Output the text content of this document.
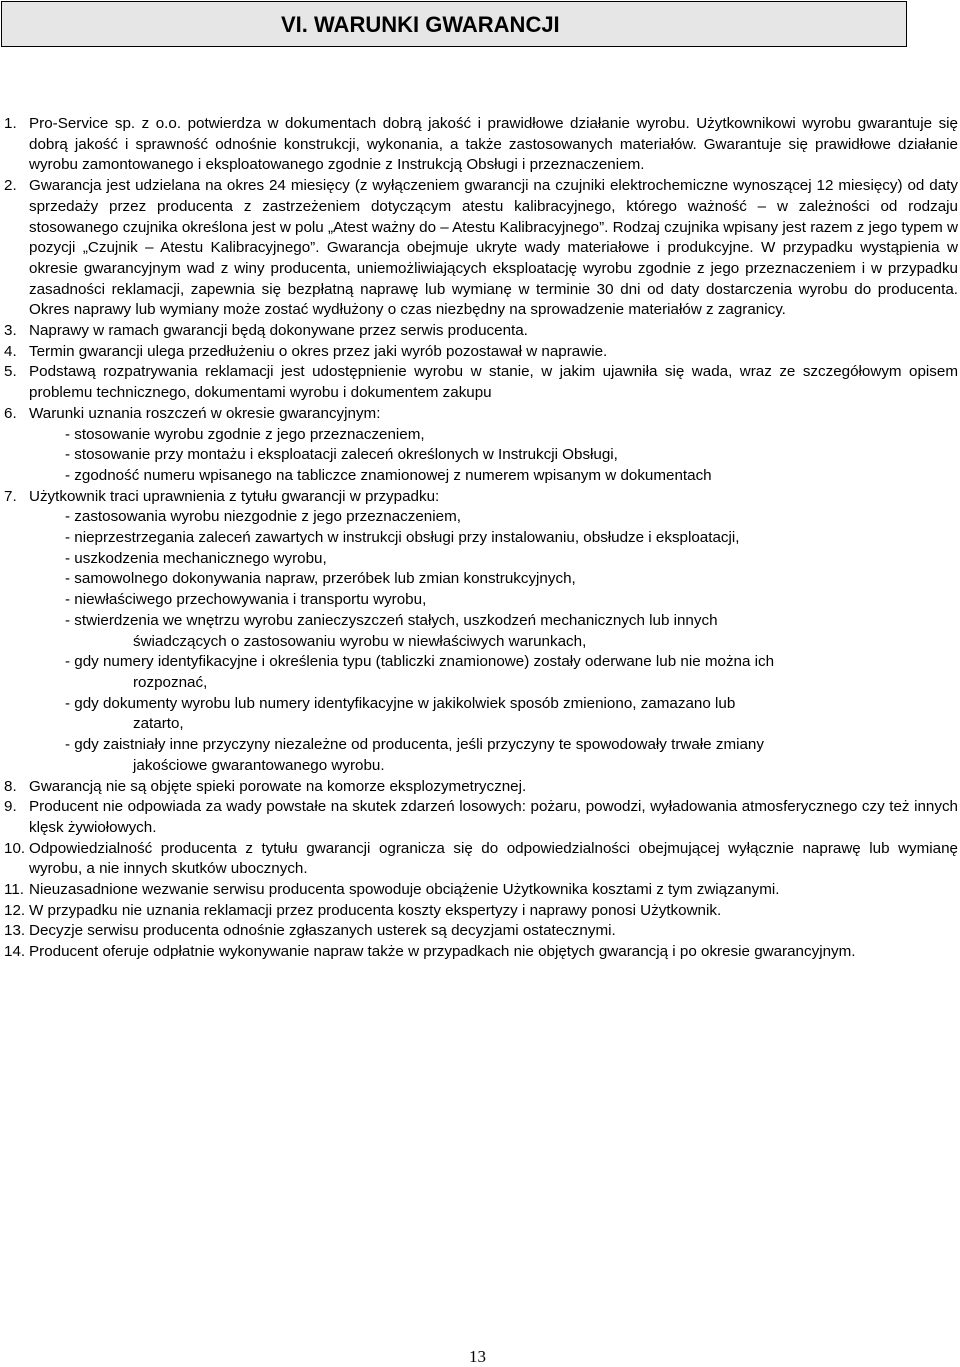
VI. WARUNKI GWARANCJI
1. Pro-Service sp. z o.o. potwierdza w dokumentach dobrą jakość i prawidłowe działanie wyrobu. Użytkownikowi wyrobu gwarantuje się dobrą jakość i sprawność odnośnie konstrukcji, wykonania, a także zastosowanych materiałów. Gwarantuje się prawidłowe działanie wyrobu zamontowanego i eksploatowanego zgodnie z Instrukcją Obsługi i przeznaczeniem.
2. Gwarancja jest udzielana na okres 24 miesięcy (z wyłączeniem gwarancji na czujniki elektrochemiczne wynoszącej 12 miesięcy) od daty sprzedaży przez producenta z zastrzeżeniem dotyczącym atestu kalibracyjnego, którego ważność – w zależności od rodzaju stosowanego czujnika określona jest w polu „Atest ważny do – Atestu Kalibracyjnego”. Rodzaj czujnika wpisany jest razem z jego typem w pozycji „Czujnik – Atestu Kalibracyjnego”. Gwarancja obejmuje ukryte wady materiałowe i produkcyjne. W przypadku wystąpienia w okresie gwarancyjnym wad z winy producenta, uniemożliwiających eksploatację wyrobu zgodnie z jego przeznaczeniem i w przypadku zasadności reklamacji, zapewnia się bezpłatną naprawę lub wymianę w terminie 30 dni od daty dostarczenia wyrobu do producenta. Okres naprawy lub wymiany może zostać wydłużony o czas niezbędny na sprowadzenie materiałów z zagranicy.
3. Naprawy w ramach gwarancji będą dokonywane przez serwis producenta.
4. Termin gwarancji ulega przedłużeniu o okres przez jaki wyrób pozostawał w naprawie.
5. Podstawą rozpatrywania reklamacji jest udostępnienie wyrobu w stanie, w jakim ujawniła się wada, wraz ze szczegółowym opisem problemu technicznego, dokumentami wyrobu i dokumentem zakupu
6. Warunki uznania roszczeń w okresie gwarancyjnym:
- stosowanie wyrobu zgodnie z jego przeznaczeniem,
- stosowanie przy montażu i eksploatacji zaleceń określonych w Instrukcji Obsługi,
- zgodność numeru wpisanego na tabliczce znamionowej z numerem wpisanym w dokumentach
7. Użytkownik traci uprawnienia z tytułu gwarancji w przypadku:
- zastosowania wyrobu niezgodnie z jego przeznaczeniem,
- nieprzestrzegania zaleceń zawartych w instrukcji obsługi przy instalowaniu, obsłudze i eksploatacji,
- uszkodzenia mechanicznego wyrobu,
- samowolnego dokonywania napraw, przeróbek lub zmian konstrukcyjnych,
- niewłaściwego przechowywania i transportu wyrobu,
- stwierdzenia we wnętrzu wyrobu zanieczyszczeń stałych, uszkodzeń mechanicznych lub innych
świadczących o zastosowaniu wyrobu w niewłaściwych warunkach,
- gdy numery identyfikacyjne i określenia typu (tabliczki znamionowe) zostały oderwane lub nie można ich
rozpoznać,
- gdy dokumenty wyrobu lub numery identyfikacyjne w jakikolwiek sposób zmieniono, zamazano lub
zatarto,
- gdy zaistniały inne przyczyny niezależne od producenta, jeśli przyczyny te spowodowały trwałe zmiany
jakościowe gwarantowanego wyrobu.
8. Gwarancją nie są objęte spieki porowate na komorze eksplozymetrycznej.
9. Producent nie odpowiada za wady powstałe na skutek zdarzeń losowych: pożaru, powodzi, wyładowania atmosferycznego czy też innych klęsk żywiołowych.
10. Odpowiedzialność producenta z tytułu gwarancji ogranicza się do odpowiedzialności obejmującej wyłącznie naprawę lub wymianę wyrobu, a nie innych skutków ubocznych.
11. Nieuzasadnione wezwanie serwisu producenta spowoduje obciążenie Użytkownika kosztami z tym związanymi.
12. W przypadku nie uznania reklamacji przez producenta koszty ekspertyzy i naprawy ponosi Użytkownik.
13. Decyzje serwisu producenta odnośnie zgłaszanych usterek są decyzjami ostatecznymi.
14. Producent oferuje odpłatnie wykonywanie napraw także w przypadkach nie objętych gwarancją i po okresie gwarancyjnym.
13
